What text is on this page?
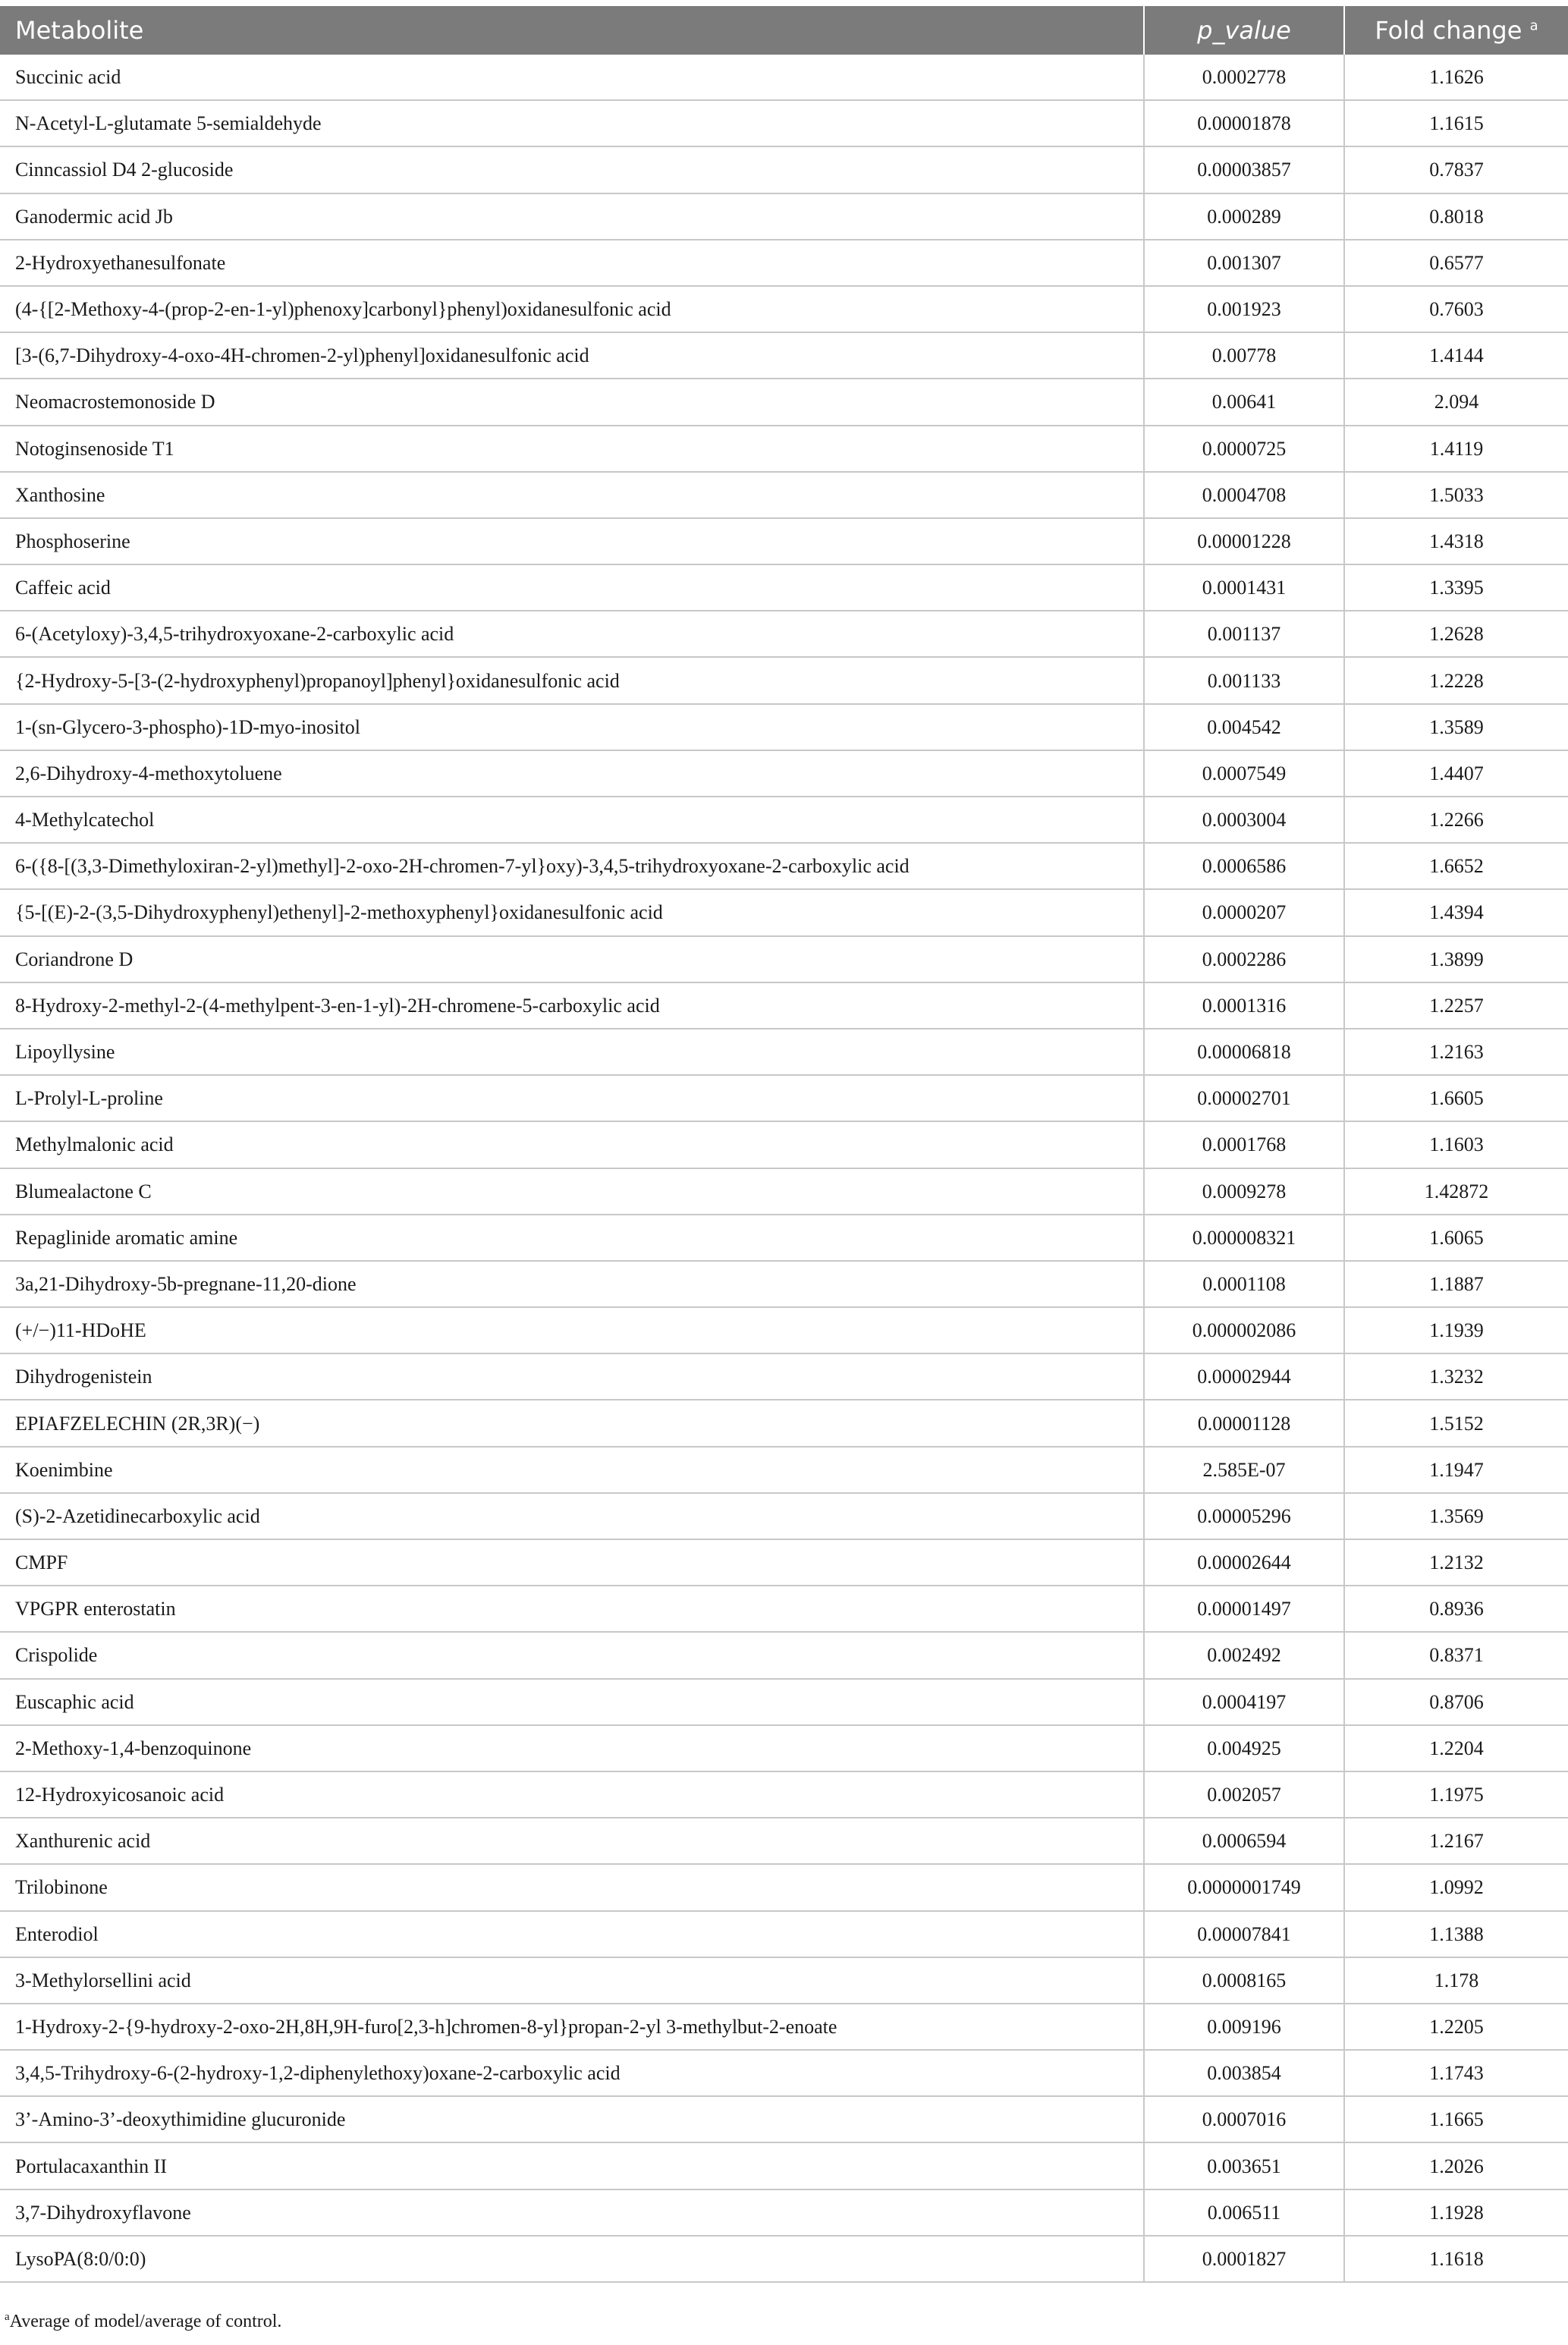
Metabolite	p_value	Fold change $^a$
Succinic acid	0.0002778	1.1626
N-Acetyl-L-glutamate 5-semialdehyde	0.00001878	1.1615
Cinncassiol D4 2-glucoside	0.00003857	0.7837
Ganodermic acid Jb	0.000289	0.8018
2-Hydroxyethanesulfonate	0.001307	0.6577
(4-{[2-Methoxy-4-(prop-2-en-1-yl)phenoxy]carbonyl}phenyl)oxidanesulfonic acid	0.001923	0.7603
[3-(6,7-Dihydroxy-4-oxo-4H-chromen-2-yl)phenyl]oxidanesulfonic acid	0.00778	1.4144
Neomacrostemonoside D	0.00641	2.094
Notoginsenoside T1	0.0000725	1.4119
Xanthosine	0.0004708	1.5033
Phosphoserine	0.00001228	1.4318
Caffeic acid	0.0001431	1.3395
6-(Acetyloxy)-3,4,5-trihydroxyoxane-2-carboxylic acid	0.001137	1.2628
{2-Hydroxy-5-[3-(2-hydroxyphenyl)propanoyl]phenyl}oxidanesulfonic acid	0.001133	1.2228
1-(sn-Glycero-3-phospho)-1D-myo-inositol	0.004542	1.3589
2,6-Dihydroxy-4-methoxytoluene	0.0007549	1.4407
4-Methylcatechol	0.0003004	1.2266
6-({8-[(3,3-Dimethyloxiran-2-yl)methyl]-2-oxo-2H-chromen-7-yl}oxy)-3,4,5-trihydroxyoxane-2-carboxylic acid	0.0006586	1.6652
{5-[(E)-2-(3,5-Dihydroxyphenyl)ethenyl]-2-methoxyphenyl}oxidanesulfonic acid	0.0000207	1.4394
Coriandrone D	0.0002286	1.3899
8-Hydroxy-2-methyl-2-(4-methylpent-3-en-1-yl)-2H-chromene-5-carboxylic acid	0.0001316	1.2257
Lipoyllysine	0.00006818	1.2163
L-Prolyl-L-proline	0.00002701	1.6605
Methylmalonic acid	0.0001768	1.1603
Blumealactone C	0.0009278	1.42872
Repaglinide aromatic amine	0.000008321	1.6065
3a,21-Dihydroxy-5b-pregnane-11,20-dione	0.0001108	1.1887
(+/−)11-HDoHE	0.000002086	1.1939
Dihydrogenistein	0.00002944	1.3232
EPIAFZELECHIN (2R,3R)(−)	0.00001128	1.5152
Koenimbine	2.585E-07	1.1947
(S)-2-Azetidinecarboxylic acid	0.00005296	1.3569
CMPF	0.00002644	1.2132
VPGPR enterostatin	0.00001497	0.8936
Crispolide	0.002492	0.8371
Euscaphic acid	0.0004197	0.8706
2-Methoxy-1,4-benzoquinone	0.004925	1.2204
12-Hydroxyicosanoic acid	0.002057	1.1975
Xanthurenic acid	0.0006594	1.2167
Trilobinone	0.0000001749	1.0992
Enterodiol	0.00007841	1.1388
3-Methylorsellini acid	0.0008165	1.178
1-Hydroxy-2-{9-hydroxy-2-oxo-2H,8H,9H-furo[2,3-h]chromen-8-yl}propan-2-yl 3-methylbut-2-enoate	0.009196	1.2205
3,4,5-Trihydroxy-6-(2-hydroxy-1,2-diphenylethoxy)oxane-2-carboxylic acid	0.003854	1.1743
3’-Amino-3’-deoxythimidine glucuronide	0.0007016	1.1665
Portulacaxanthin II	0.003651	1.2026
3,7-Dihydroxyflavone	0.006511	1.1928
LysoPA(8:0/0:0)	0.0001827	1.1618
$^a$Average of model/average of control.
